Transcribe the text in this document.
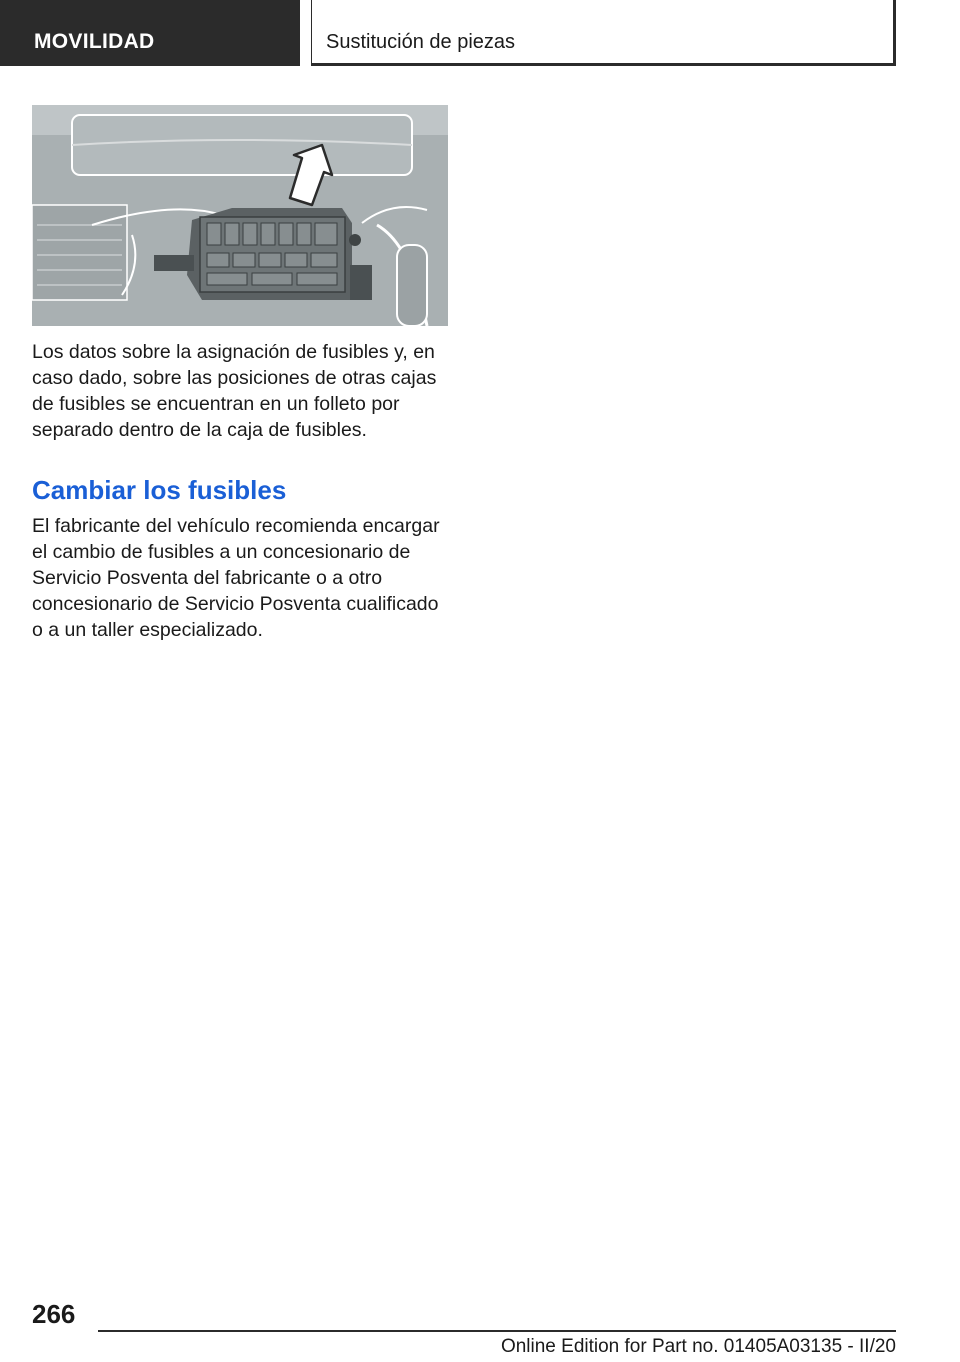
MOVILIDAD	Sustitución de piezas

Los datos sobre la asignación de fusibles y, en caso dado, sobre las posiciones de otras cajas de fusibles se encuentran en un folleto por separado dentro de la caja de fusibles.

Cambiar los fusibles

El fabricante del vehículo recomienda encargar el cambio de fusibles a un concesionario de Servicio Posventa del fabricante o a otro concesionario de Servicio Posventa cualificado o a un taller especializado.

266
Online Edition for Part no. 01405A03135 - II/20
